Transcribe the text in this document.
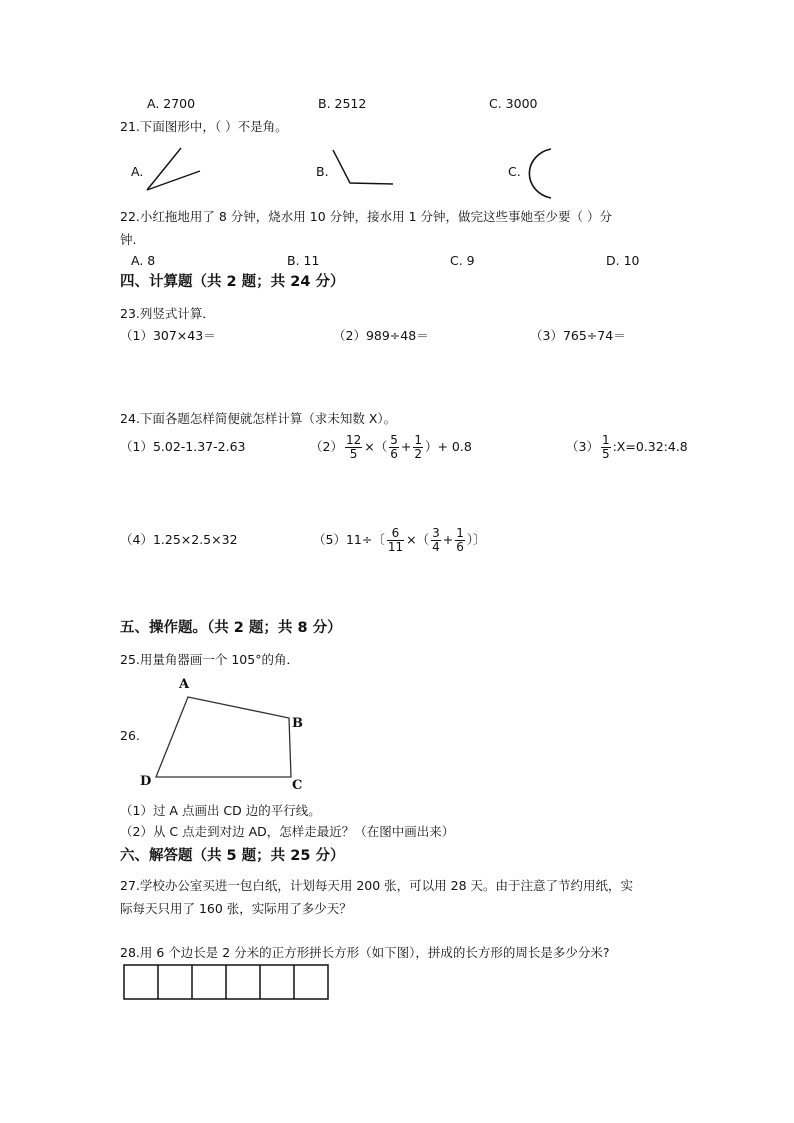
A. 2700	B. 2512	C. 3000
21.下面图形中，（ ）不是角。
A.	B.	C.
22.小红拖地用了 8 分钟，烧水用 10 分钟，接水用 1 分钟，做完这些事她至少要（ ）分
钟.
A. 8	B. 11	C. 9	D. 10
四、计算题（共 2 题；共 24 分）
23.列竖式计算．
（1）307×43＝	（2）989÷48＝	（3）765÷74＝
24.下面各题怎样简便就怎样计算（求未知数 X）。
（1）5.02-1.37-2.63	$(2) \frac{12}{5}$ ×（ $\frac{5}{6} + \frac{1}{2}$ ）+ 0.8	$(3) \frac{1}{5}$ :X=0.32:4.8
（4）1.25×2.5×32	（5）11÷〔 $\frac{6}{11}$ ×（ $\frac{3}{4} + \frac{1}{6}$ ）〕
五、操作题。（共 2 题；共 8 分）
25.用量角器画一个 105°的角．
26.
A
B
C
D
（1）过 A 点画出 CD 边的平行线。
（2）从 C 点走到对边 AD，怎样走最近？（在图中画出来）
六、解答题（共 5 题；共 25 分）
27.学校办公室买进一包白纸，计划每天用 200 张，可以用 28 天。由于注意了节约用纸，实
际每天只用了 160 张，实际用了多少天？
28.用 6 个边长是 2 分米的正方形拼长方形（如下图），拼成的长方形的周长是多少分米?
